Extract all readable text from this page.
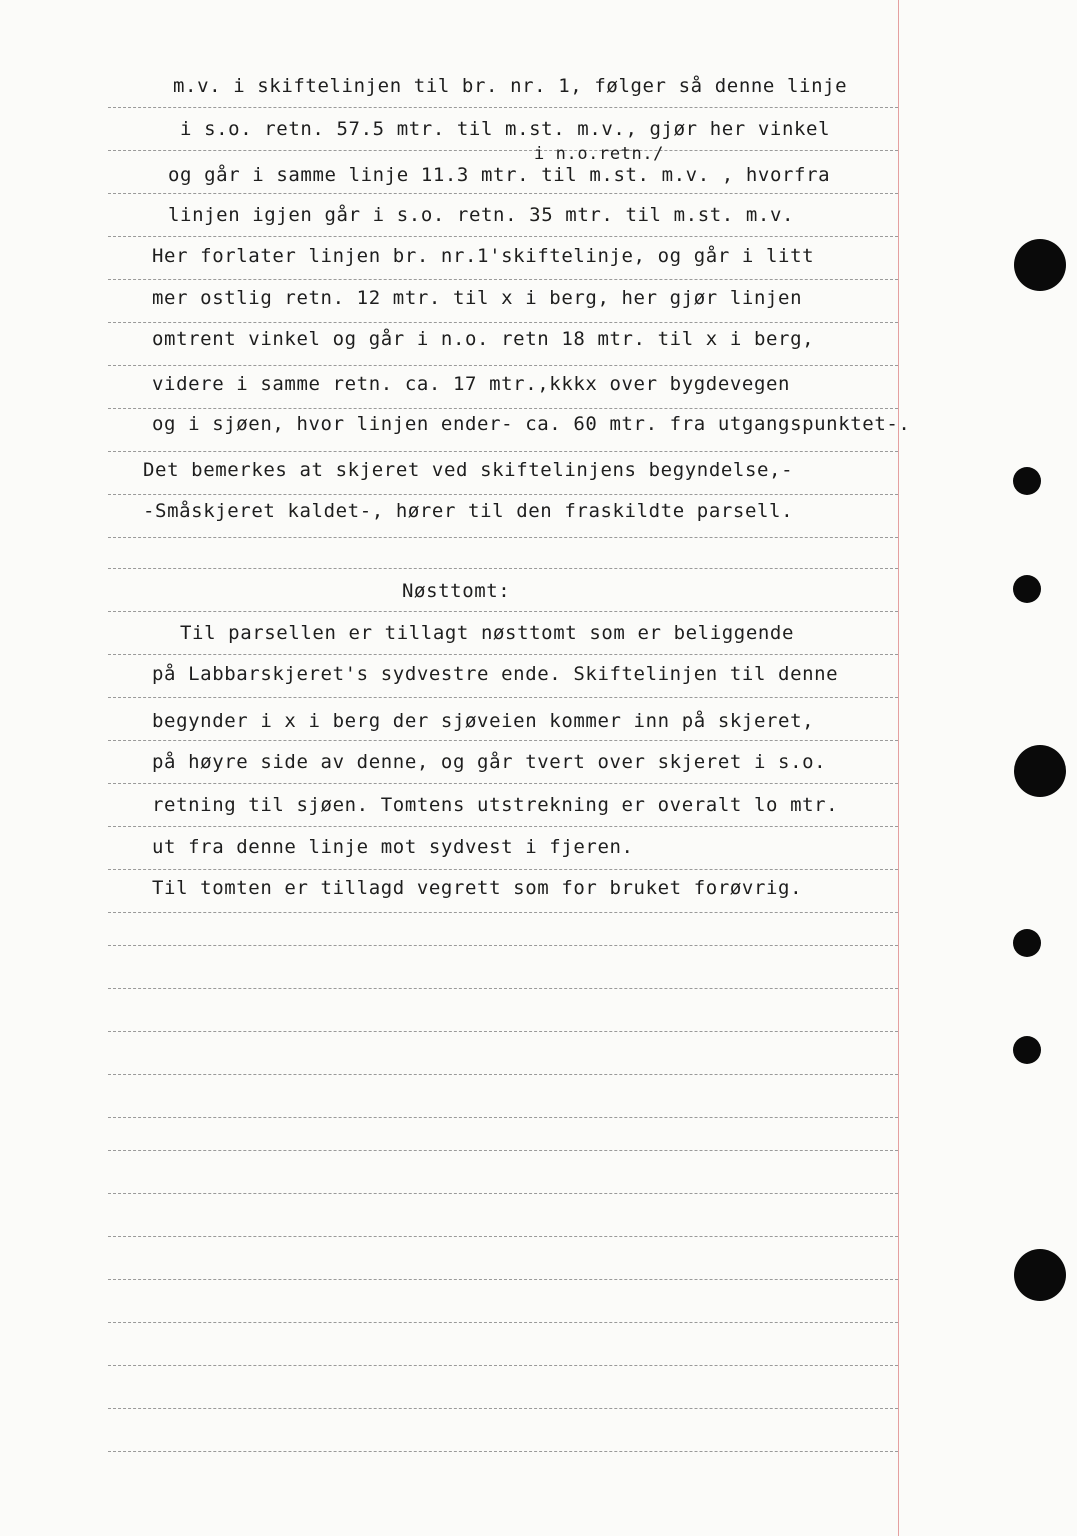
m.v. i skiftelinjen til br. nr. 1, følger så denne linje
i s.o. retn. 57.5 mtr. til m.st. m.v., gjør her vinkel
i n.o.retn./
og går i samme linje 11.3 mtr. til m.st. m.v. , hvorfra
linjen igjen går i s.o. retn. 35 mtr. til m.st. m.v.
Her forlater linjen br. nr.1'skiftelinje, og går i litt
mer ostlig retn. 12 mtr. til x i berg, her gjør linjen
omtrent vinkel og går i n.o. retn 18 mtr. til x i berg,
videre i samme retn. ca. 17 mtr.,kkkx over bygdevegen
og i sjøen, hvor linjen ender- ca. 60 mtr. fra utgangspunktet-.
Det bemerkes at skjeret ved skiftelinjens begyndelse,-
-Småskjeret kaldet-, hører til den fraskildte parsell.
Nøsttomt:
Til parsellen er tillagt nøsttomt som er beliggende
på Labbarskjeret's sydvestre ende. Skiftelinjen til denne
begynder i x i berg der sjøveien kommer inn på skjeret,
på høyre side av denne, og går tvert over skjeret i s.o.
retning til sjøen. Tomtens utstrekning er overalt lo mtr.
ut fra denne linje mot sydvest i fjeren.
Til tomten er tillagd vegrett som for bruket forøvrig.
